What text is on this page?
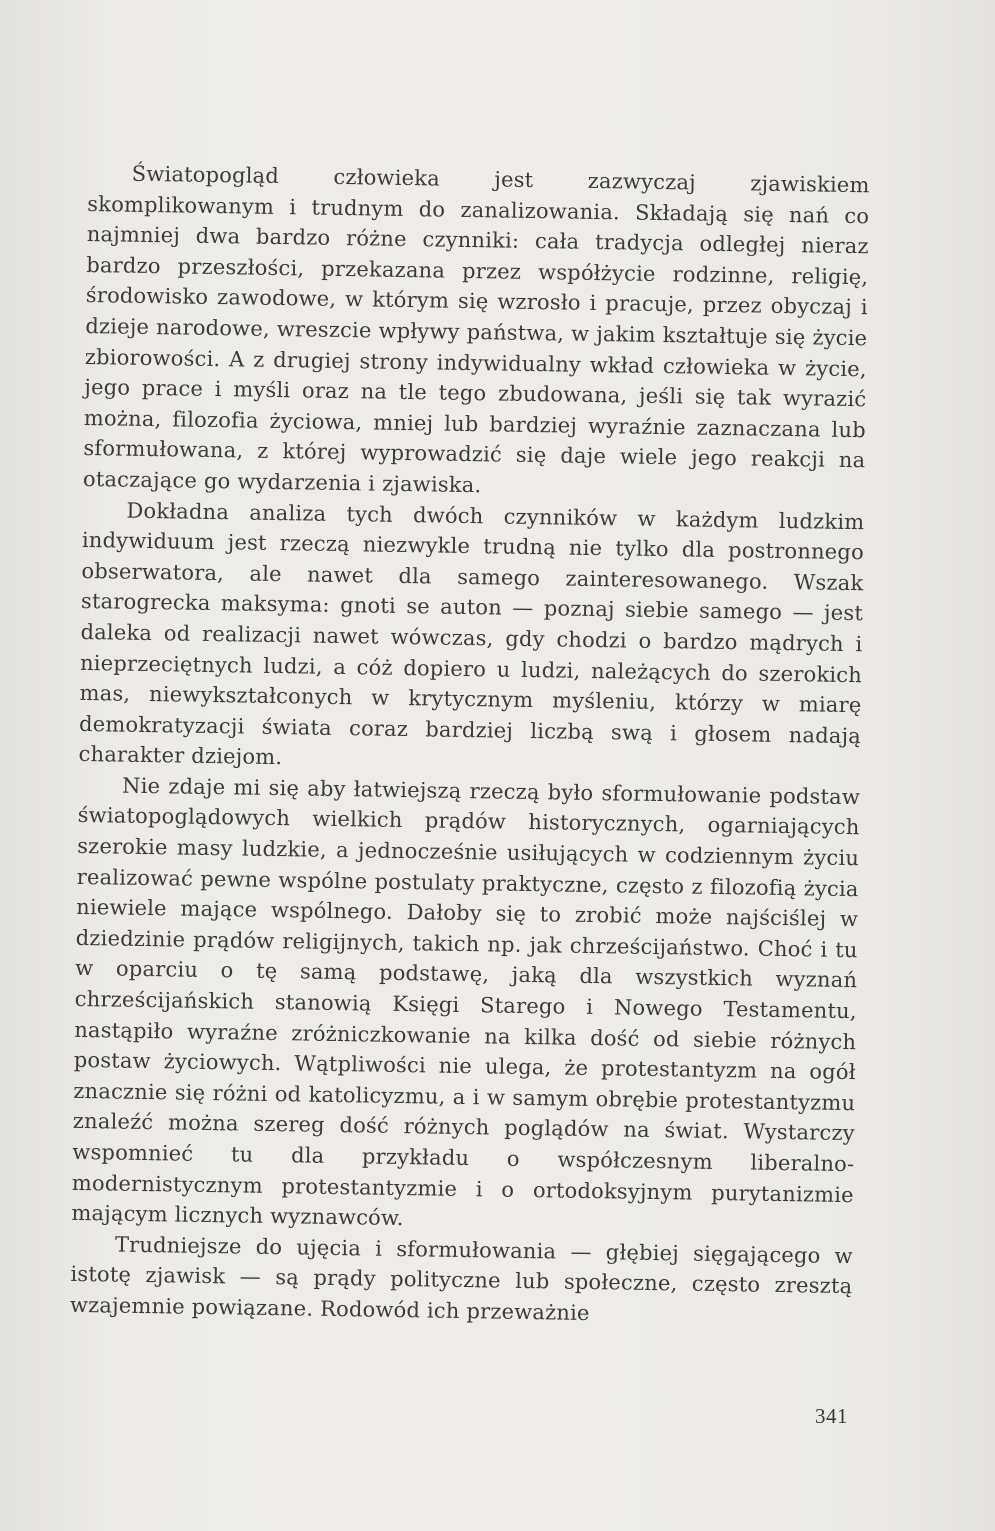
Światopogląd człowieka jest zazwyczaj zjawiskiem skomplikowanym i trudnym do zanalizowania. Składają się nań co najmniej dwa bardzo różne czynniki: cała tradycja odległej nieraz bardzo przeszłości, przekazana przez współżycie rodzinne, religię, środowisko zawodowe, w którym się wzrosło i pracuje, przez obyczaj i dzieje narodowe, wreszcie wpływy państwa, w jakim kształtuje się życie zbiorowości. A z drugiej strony indywidualny wkład człowieka w życie, jego prace i myśli oraz na tle tego zbudowana, jeśli się tak wyrazić można, filozofia życiowa, mniej lub bardziej wyraźnie zaznaczana lub sformułowana, z której wyprowadzić się daje wiele jego reakcji na otaczające go wydarzenia i zjawiska.

Dokładna analiza tych dwóch czynników w każdym ludzkim indywiduum jest rzeczą niezwykle trudną nie tylko dla postronnego obserwatora, ale nawet dla samego zainteresowanego. Wszak starogrecka maksyma: gnoti se auton — poznaj siebie samego — jest daleka od realizacji nawet wówczas, gdy chodzi o bardzo mądrych i nieprzeciętnych ludzi, a cóż dopiero u ludzi, należących do szerokich mas, niewykształconych w krytycznym myśleniu, którzy w miarę demokratyzacji świata coraz bardziej liczbą swą i głosem nadają charakter dziejom.

Nie zdaje mi się aby łatwiejszą rzeczą było sformułowanie podstaw światopoglądowych wielkich prądów historycznych, ogarniających szerokie masy ludzkie, a jednocześnie usiłujących w codziennym życiu realizować pewne wspólne postulaty praktyczne, często z filozofią życia niewiele mające wspólnego. Dałoby się to zrobić może najściślej w dziedzinie prądów religijnych, takich np. jak chrześcijaństwo. Choć i tu w oparciu o tę samą podstawę, jaką dla wszystkich wyznań chrześcijańskich stanowią Księgi Starego i Nowego Testamentu, nastąpiło wyraźne zróżniczkowanie na kilka dość od siebie różnych postaw życiowych. Wątpliwości nie ulega, że protestantyzm na ogół znacznie się różni od katolicyzmu, a i w samym obrębie protestantyzmu znaleźć można szereg dość różnych poglądów na świat. Wystarczy wspomnieć tu dla przykładu o współczesnym liberalno-modernistycznym protestantyzmie i o ortodoksyjnym purytanizmie mającym licznych wyznawców.

Trudniejsze do ujęcia i sformułowania — głębiej sięgającego w istotę zjawisk — są prądy polityczne lub społeczne, często zresztą wzajemnie powiązane. Rodowód ich przeważnie

341
